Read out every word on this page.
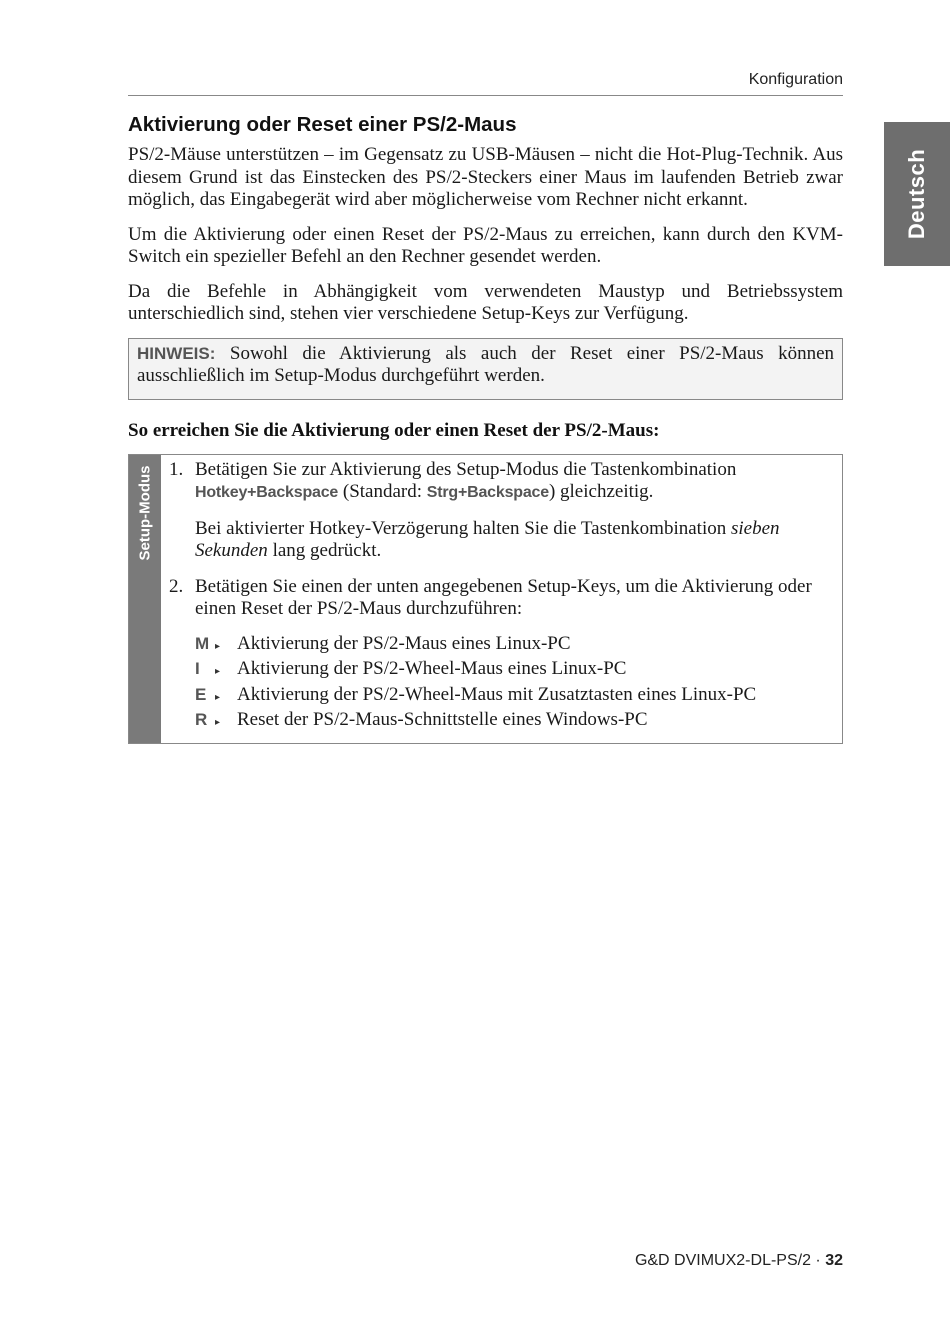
Konfiguration
Deutsch
Aktivierung oder Reset einer PS/2-Maus

PS/2-Mäuse unterstützen – im Gegensatz zu USB-Mäusen – nicht die Hot-Plug-Technik. Aus diesem Grund ist das Einstecken des PS/2-Steckers einer Maus im laufenden Betrieb zwar möglich, das Eingabegerät wird aber möglicherweise vom Rechner nicht erkannt.

Um die Aktivierung oder einen Reset der PS/2-Maus zu erreichen, kann durch den KVM-Switch ein spezieller Befehl an den Rechner gesendet werden.

Da die Befehle in Abhängigkeit vom verwendeten Maustyp und Betriebssystem unterschiedlich sind, stehen vier verschiedene Setup-Keys zur Verfügung.

HINWEIS: Sowohl die Aktivierung als auch der Reset einer PS/2-Maus können ausschließlich im Setup-Modus durchgeführt werden.
So erreichen Sie die Aktivierung oder einen Reset der PS/2-Maus:
Setup-Modus 1. Betätigen Sie zur Aktivierung des Setup-Modus die Tastenkombination Hotkey+Backspace (Standard: Strg+Backspace) gleichzeitig.

Bei aktivierter Hotkey-Verzögerung halten Sie die Tastenkombination sieben Sekunden lang gedrückt.

2. Betätigen Sie einen der unten angegebenen Setup-Keys, um die Aktivierung oder einen Reset der PS/2-Maus durchzuführen:

M ▸ Aktivierung der PS/2-Maus eines Linux-PC
I	▸ Aktivierung der PS/2-Wheel-Maus eines Linux-PC
E ▸ Aktivierung der PS/2-Wheel-Maus mit Zusatztasten eines Linux-PC
R ▸ Reset der PS/2-Maus-Schnittstelle eines Windows-PC
G&D DVIMUX2-DL-PS/2 · 32
